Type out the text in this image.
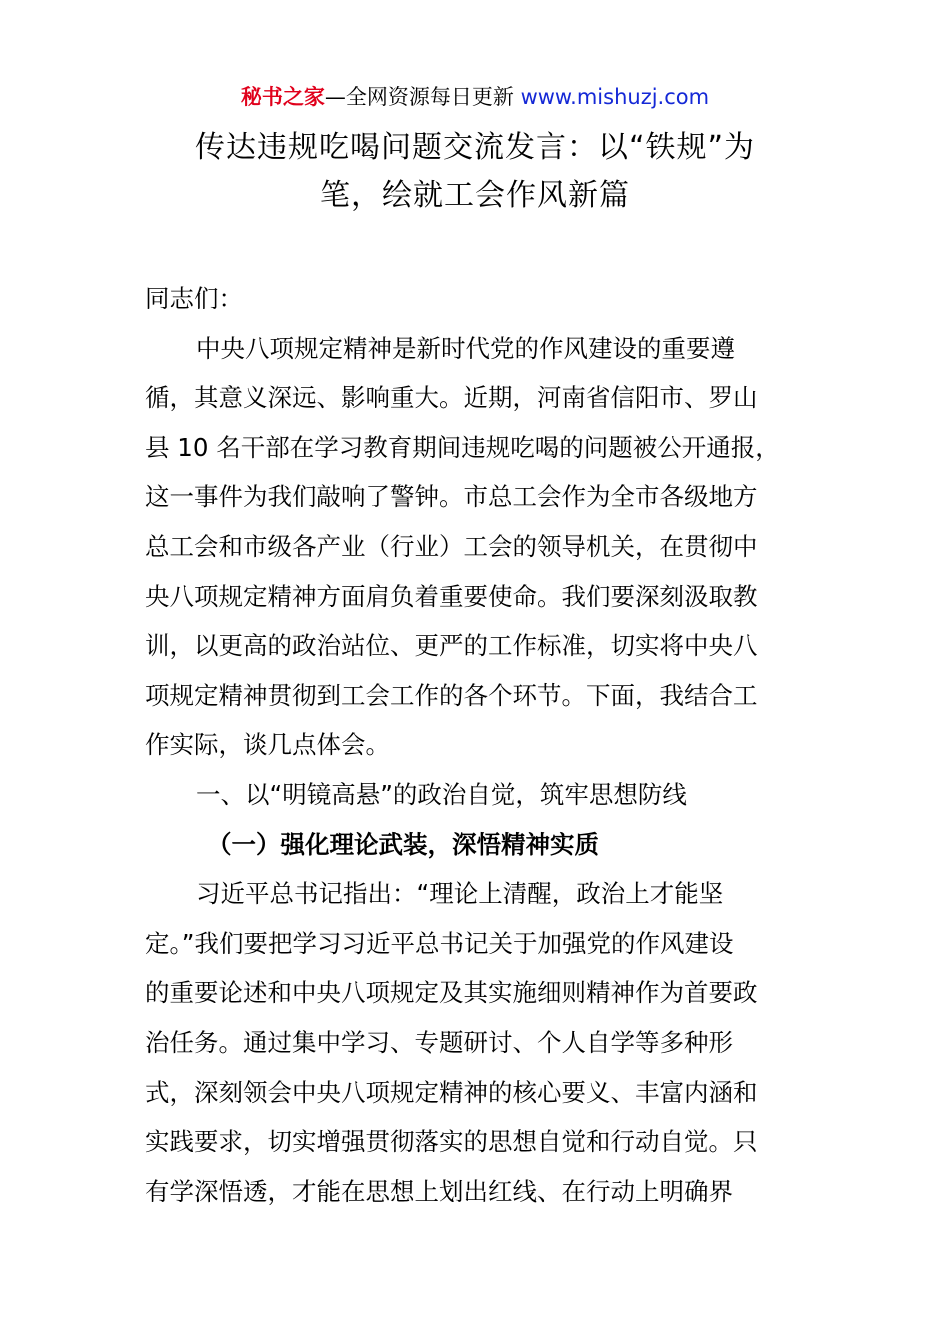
秘书之家—全网资源每日更新 www.mishuzj.com
传达违规吃喝问题交流发言：以“铁规”为
笔，绘就工会作风新篇

同志们：

中央八项规定精神是新时代党的作风建设的重要遵

循，其意义深远、影响重大。近期，河南省信阳市、罗山

县 10 名干部在学习教育期间违规吃喝的问题被公开通报，

这一事件为我们敲响了警钟。市总工会作为全市各级地方

总工会和市级各产业（行业）工会的领导机关，在贯彻中

央八项规定精神方面肩负着重要使命。我们要深刻汲取教

训，以更高的政治站位、更严的工作标准，切实将中央八

项规定精神贯彻到工会工作的各个环节。下面，我结合工

作实际，谈几点体会。

一、以“明镜高悬”的政治自觉，筑牢思想防线

（一）强化理论武装，深悟精神实质

习近平总书记指出：“理论上清醒，政治上才能坚

定。”我们要把学习习近平总书记关于加强党的作风建设

的重要论述和中央八项规定及其实施细则精神作为首要政

治任务。通过集中学习、专题研讨、个人自学等多种形

式，深刻领会中央八项规定精神的核心要义、丰富内涵和

实践要求，切实增强贯彻落实的思想自觉和行动自觉。只

有学深悟透，才能在思想上划出红线、在行动上明确界
